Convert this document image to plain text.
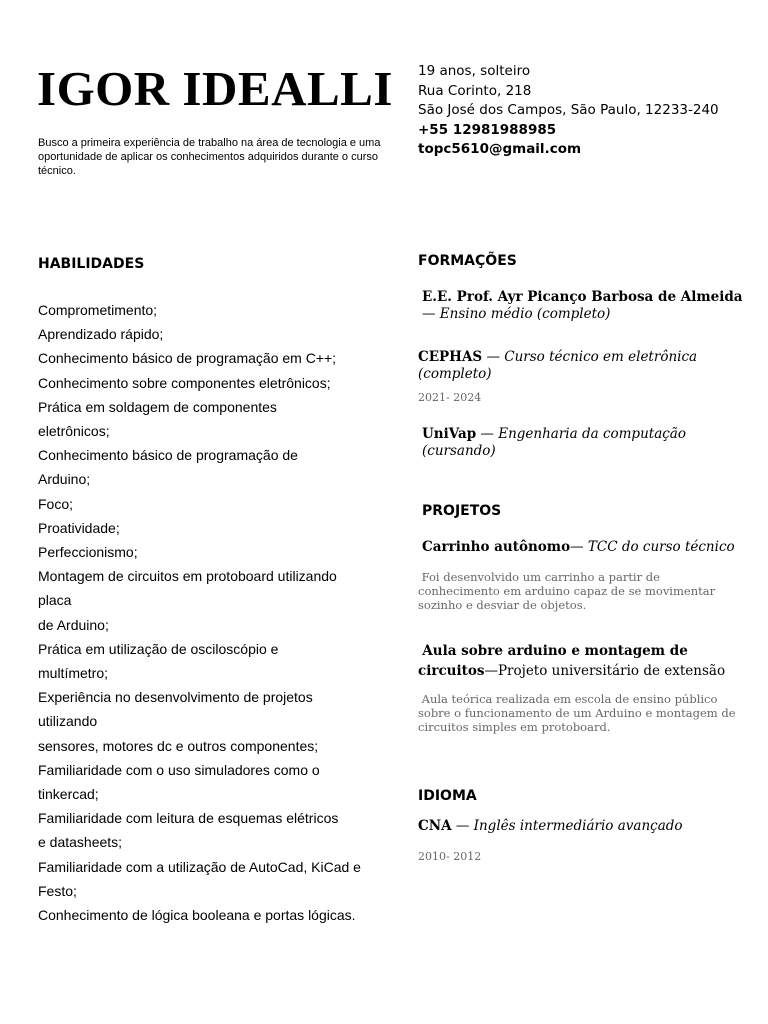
IGOR IDEALLI
Busco a primeira experiência de trabalho na área de tecnologia e uma oportunidade de aplicar os conhecimentos adquiridos durante o curso técnico.
19 anos, solteiro
Rua Corinto, 218
São José dos Campos, São Paulo, 12233-240
+55 12981988985
topc5610@gmail.com
HABILIDADES
Comprometimento;
Aprendizado rápido;
Conhecimento básico de programação em C++;
Conhecimento sobre componentes eletrônicos;
Prática em soldagem de componentes
eletrônicos;
Conhecimento básico de programação de
Arduino;
Foco;
Proatividade;
Perfeccionismo;
Montagem de circuitos em protoboard utilizando
placa
de Arduino;
Prática em utilização de osciloscópio e
multímetro;
Experiência no desenvolvimento de projetos
utilizando
sensores, motores dc e outros componentes;
Familiaridade com o uso simuladores como o
tinkercad;
Familiaridade com leitura de esquemas elétricos
e datasheets;
Familiaridade com a utilização de AutoCad, KiCad e
Festo;
Conhecimento de lógica booleana e portas lógicas.
FORMAÇÕES
E.E. Prof. Ayr Picanço Barbosa de Almeida — Ensino médio (completo)
CEPHAS — Curso técnico em eletrônica (completo)
2021- 2024
UniVap — Engenharia da computação (cursando)
PROJETOS
Carrinho autônomo— TCC do curso técnico
Foi desenvolvido um carrinho a partir de conhecimento em arduino capaz de se movimentar sozinho e desviar de objetos.
Aula sobre arduino e montagem de circuitos—Projeto universitário de extensão
Aula teórica realizada em escola de ensino público sobre o funcionamento de um Arduino e montagem de circuitos simples em protoboard.
IDIOMA
CNA — Inglês intermediário avançado
2010- 2012
